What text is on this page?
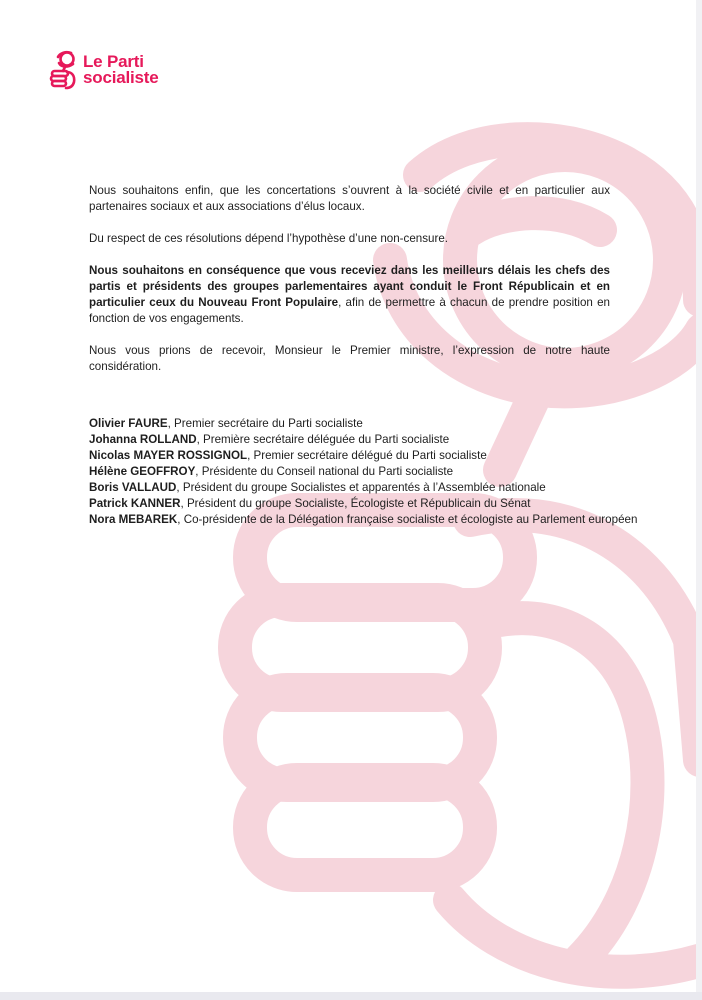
Le Parti
socialiste

Nous souhaitons enfin, que les concertations s’ouvrent à la société civile et en particulier aux partenaires sociaux et aux associations d’élus locaux.

Du respect de ces résolutions dépend l’hypothèse d’une non-censure.

Nous souhaitons en conséquence que vous receviez dans les meilleurs délais les chefs des partis et présidents des groupes parlementaires ayant conduit le Front Républicain et en particulier ceux du Nouveau Front Populaire, afin de permettre à chacun de prendre position en fonction de vos engagements.

Nous vous prions de recevoir, Monsieur le Premier ministre, l’expression de notre haute considération.

Olivier FAURE, Premier secrétaire du Parti socialiste
Johanna ROLLAND, Première secrétaire déléguée du Parti socialiste
Nicolas MAYER ROSSIGNOL, Premier secrétaire délégué du Parti socialiste
Hélène GEOFFROY, Présidente du Conseil national du Parti socialiste
Boris VALLAUD, Président du groupe Socialistes et apparentés à l’Assemblée nationale
Patrick KANNER, Président du groupe Socialiste, Écologiste et Républicain du Sénat
Nora MEBAREK, Co-présidente de la Délégation française socialiste et écologiste au Parlement européen
